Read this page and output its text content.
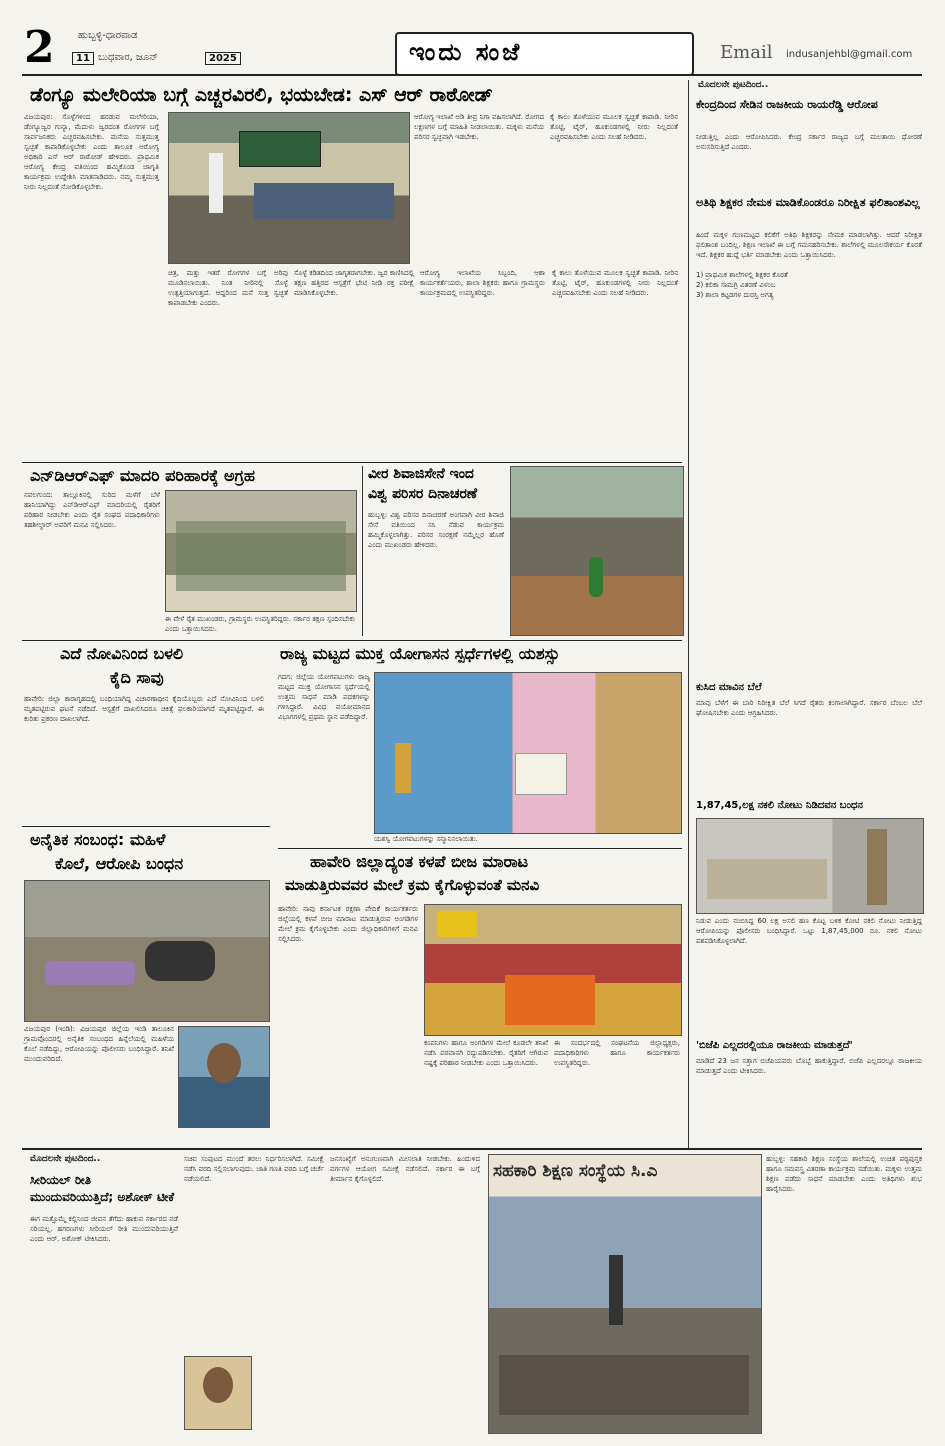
2 ಹುಬ್ಬಳ್ಳಿ-ಧಾರವಾಡ
11 ಬುಧವಾರ, ಜೂನ್	2025	ಇಂದು ಸಂಜೆ	Email indusanjehbl@gmail.com
ಡೆಂಗ್ಯೂ ಮಲೇರಿಯಾ ಬಗ್ಗೆ ಎಚ್ಚರವಿರಲಿ, ಭಯಬೇಡ: ಎಸ್ ಆರ್ ರಾಠೋಡ್
ವಿಜಯಪುರ: ಸೊಳ್ಳೆಗಳಿಂದ ಹರಡುವ ಮಲೇರಿಯಾ, ಡೆಂಗ್ಯೂಜ್ವರ ಗುನ್ಯಾ, ಮೆದುಳು ಜ್ವರದಂತ ರೋಗಗಳ ಬಗ್ಗೆ ಸಾರ್ವಜನಿಕರು ಎಚ್ಚರವಹಿಸಬೇಕು. ಮನೆಯ ಸುತ್ತಮುತ್ತ ಸ್ವಚ್ಛತೆ ಕಾಪಾಡಿಕೊಳ್ಳಬೇಕು ಎಂದು ತಾಲೂಕ ಆರೋಗ್ಯ ಅಧಿಕಾರಿ ಎಸ್ ಆರ್ ರಾಠೋಡ್ ಹೇಳಿದರು. ಪ್ರಾಥಮಿಕ ಆರೋಗ್ಯ ಕೇಂದ್ರ ವತಿಯಿಂದ ಹಮ್ಮಿಕೊಂಡ ಜಾಗೃತಿ ಕಾರ್ಯಕ್ರಮ ಉದ್ದೇಶಿಸಿ ಮಾತನಾಡಿದರು. ನಮ್ಮ ಸುತ್ತಮುತ್ತ ನೀರು ನಿಲ್ಲದಂತೆ ನೋಡಿಕೊಳ್ಳಬೇಕು.
ಆರೋಗ್ಯ ಇಲಾಖೆ ಅಡಿ ತೀವ್ರ ನಿಗಾ ವಹಿಸಲಾಗಿದೆ. ರೋಗದ ಲಕ್ಷಣಗಳ ಬಗ್ಗೆ ಮಾಹಿತಿ ನೀಡಲಾಯಿತು. ಮಕ್ಕಳು ಮನೆಯ ಪರಿಸರ ಸ್ವಚ್ಛವಾಗಿ ಇಡಬೇಕು.
ಕೈ ಕಾಲು ತೊಳೆಯುವ ಮೂಲಕ ಸ್ವಚ್ಛತೆ ಕಾಪಾಡಿ. ನೀರಿನ ತೊಟ್ಟಿ, ಟೈರ್, ಹೂಕುಂಡಗಳಲ್ಲಿ ನೀರು ನಿಲ್ಲದಂತೆ ಎಚ್ಚರವಹಿಸಬೇಕು ಎಂದು ಸಲಹೆ ನೀಡಿದರು.
ಚಿತ್ರ, ಮತ್ತು ಇತರೆ ರೋಗಗಳ ಬಗ್ಗೆ ಅರಿವು ಮೂಡಿಸಲಾಯಿತು. ನಿಂತ ನೀರಿನಲ್ಲಿ ಸೊಳ್ಳೆ ಉತ್ಪತ್ತಿಯಾಗುತ್ತದೆ. ಆದ್ದರಿಂದ ಮನೆ ಸುತ್ತ ಸ್ವಚ್ಛತೆ ಕಾಪಾಡಬೇಕು ಎಂದರು.
ಸೊಳ್ಳೆ ಕಡಿತದಿಂದ ಜಾಗೃತರಾಗಬೇಕು. ಜ್ವರ ಕಾಣಿಸಿದಲ್ಲಿ ತಕ್ಷಣ ಹತ್ತಿರದ ಆಸ್ಪತ್ರೆಗೆ ಭೇಟಿ ನೀಡಿ ರಕ್ತ ಪರೀಕ್ಷೆ ಮಾಡಿಸಿಕೊಳ್ಳಬೇಕು.
ಆರೋಗ್ಯ ಇಲಾಖೆಯ ಸಿಬ್ಬಂದಿ, ಆಶಾ ಕಾರ್ಯಕರ್ತೆಯರು, ಶಾಲಾ ಶಿಕ್ಷಕರು ಹಾಗೂ ಗ್ರಾಮಸ್ಥರು ಕಾರ್ಯಕ್ರಮದಲ್ಲಿ ಉಪಸ್ಥಿತರಿದ್ದರು.
ಕೈ ಕಾಲು ತೊಳೆಯುವ ಮೂಲಕ ಸ್ವಚ್ಛತೆ ಕಾಪಾಡಿ. ನೀರಿನ ತೊಟ್ಟಿ, ಟೈರ್, ಹೂಕುಂಡಗಳಲ್ಲಿ ನೀರು ನಿಲ್ಲದಂತೆ ಎಚ್ಚರವಹಿಸಬೇಕು ಎಂದು ಸಲಹೆ ನೀಡಿದರು.
ಎನ್‌ಡಿಆರ್‌ಎಫ್ ಮಾದರಿ ಪರಿಹಾರಕ್ಕೆ ಅಗ್ರಹ
ನವಲಗುಂದ: ತಾಲ್ಲೂಕಿನಲ್ಲಿ ಸುರಿದ ಮಳೆಗೆ ಬೆಳೆ ಹಾನಿಯಾಗಿದ್ದು ಎನ್‌ಡಿಆರ್‌ಎಫ್ ಮಾದರಿಯಲ್ಲಿ ರೈತರಿಗೆ ಪರಿಹಾರ ನೀಡಬೇಕು ಎಂದು ರೈತ ಸಂಘದ ಪದಾಧಿಕಾರಿಗಳು ತಹಶೀಲ್ದಾರ್ ಅವರಿಗೆ ಮನವಿ ಸಲ್ಲಿಸಿದರು.
ಈ ವೇಳೆ ರೈತ ಮುಖಂಡರು, ಗ್ರಾಮಸ್ಥರು ಉಪಸ್ಥಿತರಿದ್ದರು. ಸರ್ಕಾರ ತಕ್ಷಣ ಸ್ಪಂದಿಸಬೇಕು ಎಂದು ಒತ್ತಾಯಿಸಿದರು.
ವೀರ ಶಿವಾಜಿಸೇನೆ ಇಂದ
ವಿಶ್ವ ಪರಿಸರ ದಿನಾಚರಣೆ
ಹುಬ್ಬಳ್ಳಿ: ವಿಶ್ವ ಪರಿಸರ ದಿನಾಚರಣೆ ಅಂಗವಾಗಿ ವೀರ ಶಿವಾಜಿ ಸೇನೆ ವತಿಯಿಂದ ಸಸಿ ನೆಡುವ ಕಾರ್ಯಕ್ರಮ ಹಮ್ಮಿಕೊಳ್ಳಲಾಗಿತ್ತು. ಪರಿಸರ ಸಂರಕ್ಷಣೆ ನಮ್ಮೆಲ್ಲರ ಹೊಣೆ ಎಂದು ಮುಖಂಡರು ಹೇಳಿದರು.
ಎದೆ ನೋವಿನಿಂದ ಬಳಲಿ
ಕೈದಿ ಸಾವು
ಹಾವೇರಿ: ಜಿಲ್ಲಾ ಕಾರಾಗೃಹದಲ್ಲಿ ಬಂಧಿಯಾಗಿದ್ದ ವಿಚಾರಣಾಧೀನ ಕೈದಿಯೊಬ್ಬರು ಎದೆ ನೋವಿನಿಂದ ಬಳಲಿ ಮೃತಪಟ್ಟಿರುವ ಘಟನೆ ನಡೆದಿದೆ. ಆಸ್ಪತ್ರೆಗೆ ದಾಖಲಿಸಿದರೂ ಚಿಕಿತ್ಸೆ ಫಲಕಾರಿಯಾಗದೆ ಮೃತಪಟ್ಟಿದ್ದಾರೆ. ಈ ಕುರಿತು ಪ್ರಕರಣ ದಾಖಲಾಗಿದೆ.
ಅನೈತಿಕ ಸಂಬಂಧ: ಮಹಿಳೆ
ಕೊಲೆ, ಆರೋಪಿ ಬಂಧನ
ವಿಜಯಪುರ (ಇಂಡಿ): ವಿಜಯಪುರ ಜಿಲ್ಲೆಯ ಇಂಡಿ ತಾಲೂಕಿನ ಗ್ರಾಮವೊಂದರಲ್ಲಿ ಅನೈತಿಕ ಸಂಬಂಧದ ಹಿನ್ನೆಲೆಯಲ್ಲಿ ಮಹಿಳೆಯ ಕೊಲೆ ನಡೆದಿದ್ದು, ಆರೋಪಿಯನ್ನು ಪೊಲೀಸರು ಬಂಧಿಸಿದ್ದಾರೆ. ತನಿಖೆ ಮುಂದುವರಿದಿದೆ.
ರಾಜ್ಯ ಮಟ್ಟದ ಮುಕ್ತ ಯೋಗಾಸನ ಸ್ಪರ್ಧೆಗಳಲ್ಲಿ ಯಶಸ್ಸು
ಗದಗ: ಜಿಲ್ಲೆಯ ಯೋಗಪಟುಗಳು ರಾಜ್ಯ ಮಟ್ಟದ ಮುಕ್ತ ಯೋಗಾಸನ ಸ್ಪರ್ಧೆಯಲ್ಲಿ ಉತ್ತಮ ಸಾಧನೆ ಮಾಡಿ ಪದಕಗಳನ್ನು ಗಳಿಸಿದ್ದಾರೆ. ವಿವಿಧ ವಯೋಮಾನದ ವಿಭಾಗಗಳಲ್ಲಿ ಪ್ರಥಮ ಸ್ಥಾನ ಪಡೆದಿದ್ದಾರೆ.
ಯಶಸ್ವಿ ಯೋಗಪಟುಗಳನ್ನು ಸನ್ಮಾನಿಸಲಾಯಿತು.
ಹಾವೇರಿ ಜಿಲ್ಲಾದ್ಯಂತ ಕಳಪೆ ಬೀಜ ಮಾರಾಟ
ಮಾಡುತ್ತಿರುವವರ ಮೇಲೆ ಕ್ರಮ ಕೈಗೊಳ್ಳುವಂತೆ ಮನವಿ
ಹಾವೇರಿ: ನಾವು ಕರ್ನಾಟಕ ರಕ್ಷಣಾ ವೇದಿಕೆ ಕಾರ್ಯಕರ್ತರು ಜಿಲ್ಲೆಯಲ್ಲಿ ಕಳಪೆ ಬೀಜ ಮಾರಾಟ ಮಾಡುತ್ತಿರುವ ಅಂಗಡಿಗಳ ಮೇಲೆ ಕ್ರಮ ಕೈಗೊಳ್ಳಬೇಕು ಎಂದು ಜಿಲ್ಲಾಧಿಕಾರಿಗಳಿಗೆ ಮನವಿ ಸಲ್ಲಿಸಿದರು.
ಕಂಪನಿಗಳು ಹಾಗೂ ಅಂಗಡಿಗಳ ಮೇಲೆ ಕೂಡಲೇ ತನಿಖೆ ನಡೆಸಿ ಪರವಾನಗಿ ರದ್ದುಪಡಿಸಬೇಕು. ರೈತರಿಗೆ ಆಗಿರುವ ನಷ್ಟಕ್ಕೆ ಪರಿಹಾರ ನೀಡಬೇಕು ಎಂದು ಒತ್ತಾಯಿಸಿದರು.
ಈ ಸಂದರ್ಭದಲ್ಲಿ ಸಂಘಟನೆಯ ಜಿಲ್ಲಾಧ್ಯಕ್ಷರು, ಪದಾಧಿಕಾರಿಗಳು ಹಾಗೂ ಕಾರ್ಯಕರ್ತರು ಉಪಸ್ಥಿತರಿದ್ದರು.
ಮೊದಲನೇ ಪುಟದಿಂದ..
ಕೇಂದ್ರದಿಂದ ಸೇಡಿನ ರಾಜಕೀಯ ರಾಯರೆಡ್ಡಿ ಆರೋಪ
ನೀಡುತ್ತಿಲ್ಲ ಎಂದು ಆರೋಪಿಸಿದರು. ಕೇಂದ್ರ ಸರ್ಕಾರ ರಾಜ್ಯದ ಬಗ್ಗೆ ಮಲತಾಯಿ ಧೋರಣೆ ಅನುಸರಿಸುತ್ತಿದೆ ಎಂದರು.
ಅತಿಥಿ ಶಿಕ್ಷಕರ ನೇಮಕ ಮಾಡಿಕೊಂಡರೂ ನಿರೀಕ್ಷಿತ ಫಲಿತಾಂಶವಿಲ್ಲ
ಹಿಂದೆ ಮಕ್ಕಳ ಗುಣಮಟ್ಟದ ಕಲಿಕೆಗೆ ಅತಿಥಿ ಶಿಕ್ಷಕರನ್ನು ನೇಮಕ ಮಾಡಲಾಗಿತ್ತು. ಆದರೆ ನಿರೀಕ್ಷಿತ ಫಲಿತಾಂಶ ಬಂದಿಲ್ಲ. ಶಿಕ್ಷಣ ಇಲಾಖೆ ಈ ಬಗ್ಗೆ ಗಮನಹರಿಸಬೇಕು. ಶಾಲೆಗಳಲ್ಲಿ ಮೂಲಸೌಕರ್ಯ ಕೊರತೆ ಇದೆ. ಶಿಕ್ಷಕರ ಹುದ್ದೆ ಭರ್ತಿ ಮಾಡಬೇಕು ಎಂದು ಒತ್ತಾಯಿಸಿದರು.

1) ಪ್ರಾಥಮಿಕ ಶಾಲೆಗಳಲ್ಲಿ ಶಿಕ್ಷಕರ ಕೊರತೆ
2) ಕಲಿಕಾ ಸಾಮಗ್ರಿ ವಿತರಣೆ ವಿಳಂಬ
3) ಶಾಲಾ ಕಟ್ಟಡಗಳ ದುರಸ್ತಿ ಅಗತ್ಯ
ಕುಸಿದ ಮಾವಿನ ಬೆಲೆ
ಮಾವು ಬೆಳೆಗೆ ಈ ಬಾರಿ ನಿರೀಕ್ಷಿತ ಬೆಲೆ ಸಿಗದೆ ರೈತರು ಕಂಗಾಲಾಗಿದ್ದಾರೆ. ಸರ್ಕಾರ ಬೆಂಬಲ ಬೆಲೆ ಘೋಷಿಸಬೇಕು ಎಂದು ಆಗ್ರಹಿಸಿದರು.
1,87,45,ಲಕ್ಷ ನಕಲಿ ನೋಟು ನಿಡಿದವನ ಬಂಧನ
ನಿಡುವ ಎಂದು ನಂಬಿಸಿದ್ದ 60 ಲಕ್ಷ ಅಸಲಿ ಹಣ ಕೊಟ್ಟ ಬಳಿಕ ಕೋಟಿ ನಕಲಿ ನೋಟು ನೀಡುತ್ತಿದ್ದ ಆರೋಪಿಯನ್ನು ಪೊಲೀಸರು ಬಂಧಿಸಿದ್ದಾರೆ. ಒಟ್ಟು 1,87,45,000 ರೂ. ನಕಲಿ ನೋಟು ವಶಪಡಿಸಿಕೊಳ್ಳಲಾಗಿದೆ.
'ಬಿಜೆಪಿ ಎಲ್ಲದರಲ್ಲಿಯೂ ರಾಜಕೀಯ ಮಾಡುತ್ತದೆ'
ಮಾಡಿದೆ 23 ಜನ ಸತ್ತಾಗ ಬಿಜೆಪಿಯವರು ಬೊಬ್ಬೆ ಹಾಕುತ್ತಿದ್ದಾರೆ. ಬಿಜೆಪಿ ಎಲ್ಲದರಲ್ಲೂ ರಾಜಕೀಯ ಮಾಡುತ್ತದೆ ಎಂದು ಟೀಕಿಸಿದರು.
ಮೊದಲನೇ ಪುಟದಿಂದ..
ಸೀರಿಯಲ್ ರೀತಿ ಮುಂದುವರಿಯುತ್ತಿದೆ; ಅಶೋಕ್ ಟೀಕೆ
ಈಗ ಮತ್ತೊಮ್ಮೆ ಕಲ್ಲಿನಿಂದ ಜೀವನ ತೆಗೆದು ಹಾಕುವ ಸರ್ಕಾರದ ನಡೆ ಸರಿಯಲ್ಲ. ಹಗರಣಗಳು ಸೀರಿಯಲ್ ರೀತಿ ಮುಂದುವರಿಯುತ್ತಿವೆ ಎಂದು ಆರ್. ಅಶೋಕ್ ಟೀಕಿಸಿದರು.
ಸಚಿವ ಸಂಪುಟದ ಮುಂದೆ ತರಲು ನಿರ್ಧರಿಸಲಾಗಿದೆ. ಸಮೀಕ್ಷೆ ನಡೆಸಿ ವರದಿ ಸಲ್ಲಿಸಲಾಗುವುದು. ಜಾತಿ ಗಣತಿ ವರದಿ ಬಗ್ಗೆ ಚರ್ಚೆ ನಡೆಯಲಿದೆ.
ಜನಸಂಖ್ಯೆಗೆ ಅನುಗುಣವಾಗಿ ಮೀಸಲಾತಿ ನೀಡಬೇಕು. ಹಿಂದುಳಿದ ವರ್ಗಗಳ ಆಯೋಗ ಸಮೀಕ್ಷೆ ನಡೆಸಲಿದೆ. ಸರ್ಕಾರ ಈ ಬಗ್ಗೆ ತೀರ್ಮಾನ ಕೈಗೊಳ್ಳಲಿದೆ.	ಸಹಕಾರಿ ಶಿಕ್ಷಣ ಸಂಸ್ಥೆಯ ಸಿ.ಎ
ಹುಬ್ಬಳ್ಳಿ: ಸಹಕಾರಿ ಶಿಕ್ಷಣ ಸಂಸ್ಥೆಯ ಶಾಲೆಯಲ್ಲಿ ಉಚಿತ ಪಠ್ಯಪುಸ್ತಕ ಹಾಗೂ ಸಮವಸ್ತ್ರ ವಿತರಣಾ ಕಾರ್ಯಕ್ರಮ ನಡೆಯಿತು. ಮಕ್ಕಳು ಉತ್ತಮ ಶಿಕ್ಷಣ ಪಡೆದು ಸಾಧನೆ ಮಾಡಬೇಕು ಎಂದು ಅತಿಥಿಗಳು ಶುಭ ಹಾರೈಸಿದರು.
